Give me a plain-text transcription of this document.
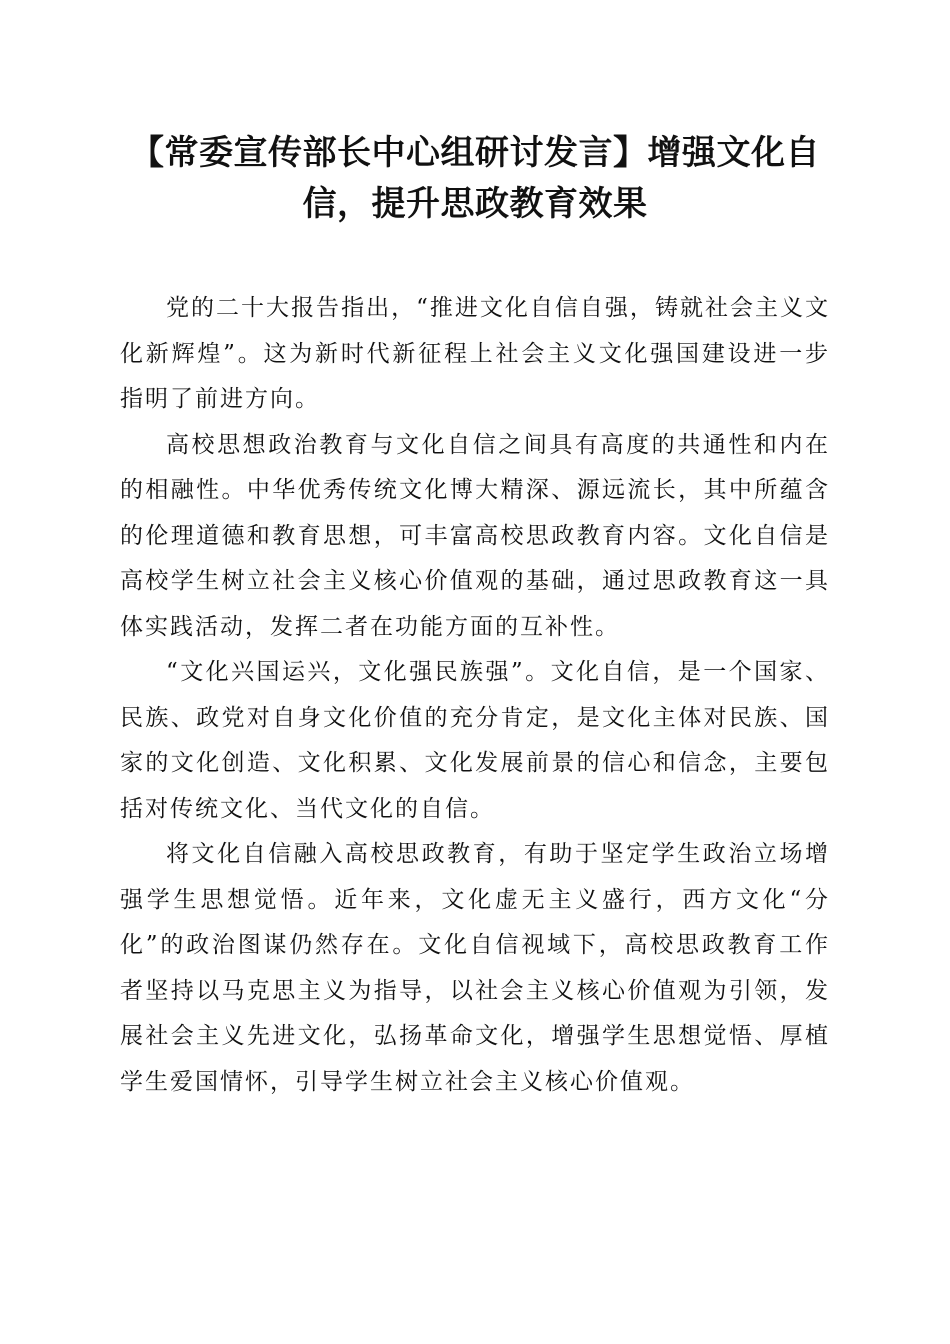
【常委宣传部长中心组研讨发言】增强文化自信，提升思政教育效果

党的二十大报告指出，“推进文化自信自强，铸就社会主义文化新辉煌”。这为新时代新征程上社会主义文化强国建设进一步指明了前进方向。

高校思想政治教育与文化自信之间具有高度的共通性和内在的相融性。中华优秀传统文化博大精深、源远流长，其中所蕴含的伦理道德和教育思想，可丰富高校思政教育内容。文化自信是高校学生树立社会主义核心价值观的基础，通过思政教育这一具体实践活动，发挥二者在功能方面的互补性。

“文化兴国运兴，文化强民族强”。文化自信，是一个国家、民族、政党对自身文化价值的充分肯定，是文化主体对民族、国家的文化创造、文化积累、文化发展前景的信心和信念，主要包括对传统文化、当代文化的自信。

将文化自信融入高校思政教育，有助于坚定学生政治立场增强学生思想觉悟。近年来，文化虚无主义盛行，西方文化“分化”的政治图谋仍然存在。文化自信视域下，高校思政教育工作者坚持以马克思主义为指导，以社会主义核心价值观为引领，发展社会主义先进文化，弘扬革命文化，增强学生思想觉悟、厚植学生爱国情怀，引导学生树立社会主义核心价值观。
